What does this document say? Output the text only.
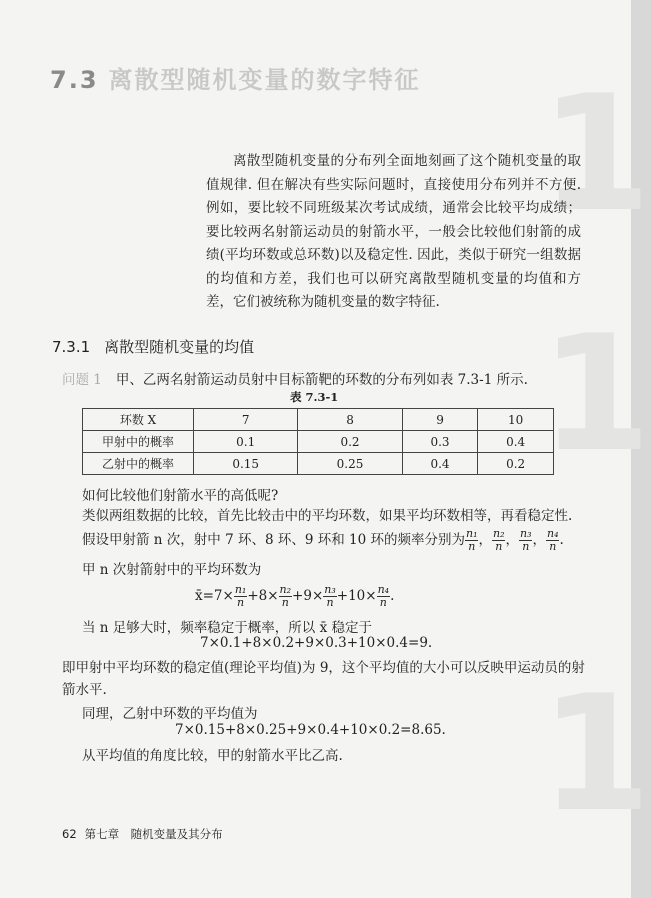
1
1
1
7.3 离散型随机变量的数字特征
离散型随机变量的分布列全面地刻画了这个随机变量的取值规律. 但在解决有些实际问题时，直接使用分布列并不方便. 例如，要比较不同班级某次考试成绩，通常会比较平均成绩；要比较两名射箭运动员的射箭水平，一般会比较他们射箭的成绩(平均环数或总环数)以及稳定性. 因此，类似于研究一组数据的均值和方差，我们也可以研究离散型随机变量的均值和方差，它们被统称为随机变量的数字特征.
7.3.1 离散型随机变量的均值
问题 1 甲、乙两名射箭运动员射中目标箭靶的环数的分布列如表 7.3-1 所示.
表 7.3-1
环数 X	7	8	9	10
甲射中的概率	0.1	0.2	0.3	0.4
乙射中的概率	0.15	0.25	0.4	0.2
如何比较他们射箭水平的高低呢?
类似两组数据的比较，首先比较击中的平均环数，如果平均环数相等，再看稳定性.
假设甲射箭 n 次，射中 7 环、8 环、9 环和 10 环的频率分别为 $\frac{\text{n₁}}{n}$ ， $\frac{\text{n₂}}{n}$ ， $\frac{\text{n₃}}{n}$ ， $\frac{\text{n₄}}{n}$ .
甲 n 次射箭射中的平均环数为
x̄=7× $\frac{\text{n₁}}{n} +8\times \frac{\text{n₂}}{n} +9\times \frac{\text{n₃}}{n} +10\times \frac{\text{n₄}}{n}$ .
当 n 足够大时，频率稳定于概率，所以 x̄ 稳定于
7×0.1+8×0.2+9×0.3+10×0.4=9.
即甲射中平均环数的稳定值(理论平均值)为 9，这个平均值的大小可以反映甲运动员的射
箭水平.
同理，乙射中环数的平均值为
7×0.15+8×0.25+9×0.4+10×0.2=8.65.
从平均值的角度比较，甲的射箭水平比乙高.
62 第七章　随机变量及其分布
